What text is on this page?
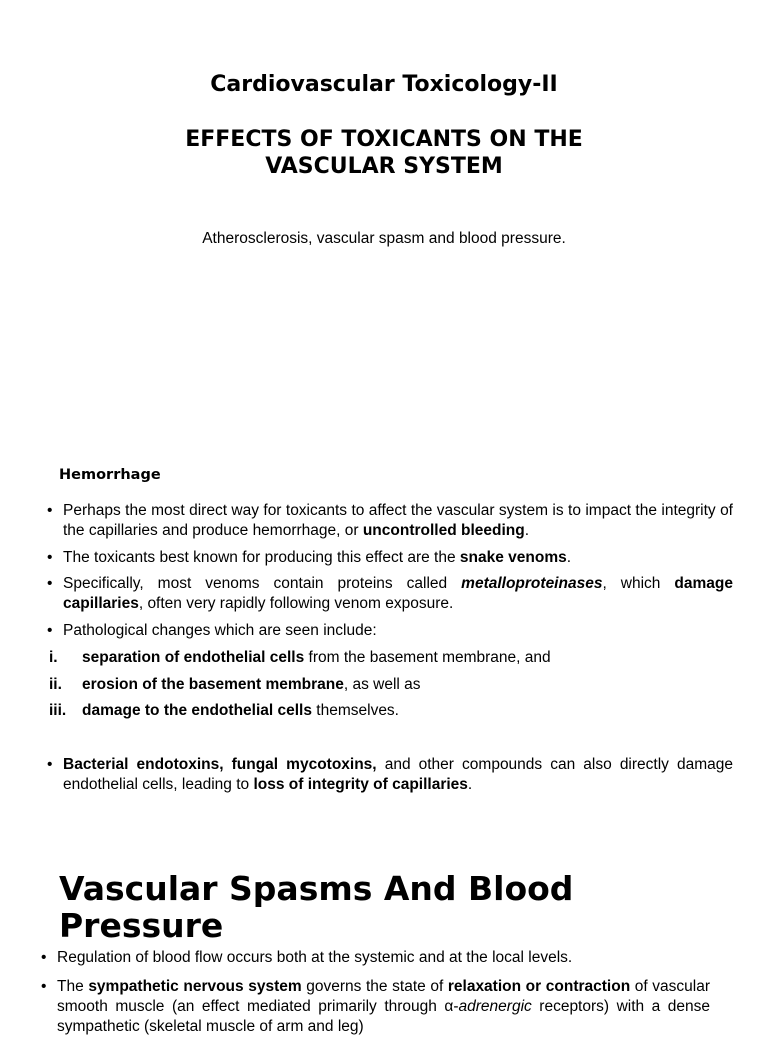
Cardiovascular Toxicology-II
EFFECTS OF TOXICANTS ON THE
VASCULAR SYSTEM
Atherosclerosis, vascular spasm and blood pressure.
Hemorrhage

• Perhaps the most direct way for toxicants to affect the vascular system is to impact the integrity of the capillaries and produce hemorrhage, or uncontrolled bleeding.

• The toxicants best known for producing this effect are the snake venoms.

• Specifically, most venoms contain proteins called metalloproteinases, which damage capillaries, often very rapidly following venom exposure.

• Pathological changes which are seen include:

i. separation of endothelial cells from the basement membrane, and

ii. erosion of the basement membrane, as well as

iii. damage to the endothelial cells themselves.

• Bacterial endotoxins, fungal mycotoxins, and other compounds can also directly damage endothelial cells, leading to loss of integrity of capillaries.

Vascular Spasms And Blood Pressure

• Regulation of blood flow occurs both at the systemic and at the local levels.

• The sympathetic nervous system governs the state of relaxation or contraction of vascular smooth muscle (an effect mediated primarily through α-adrenergic receptors) with a dense sympathetic (skeletal muscle of arm and leg)
